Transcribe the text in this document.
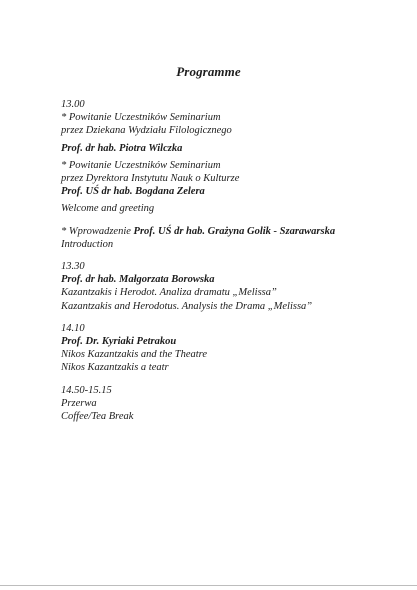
Programme
13.00
* Powitanie Uczestników Seminarium
przez Dziekana Wydziału Filologicznego
Prof. dr hab. Piotra Wilczka
* Powitanie Uczestników Seminarium
przez Dyrektora Instytutu Nauk o Kulturze
Prof. UŚ dr hab. Bogdana Zelera
Welcome and greeting
* Wprowadzenie Prof. UŚ dr hab. Grażyna Golik - Szarawarska
Introduction
13.30
Prof. dr hab. Małgorzata Borowska
Kazantzakis i Herodot. Analiza dramatu „Melissa”
Kazantzakis and Herodotus. Analysis the Drama „Melissa”
14.10
Prof. Dr. Kyriaki Petrakou
Nikos Kazantzakis and the Theatre
Nikos Kazantzakis a teatr
14.50-15.15
Przerwa
Coffee/Tea Break
